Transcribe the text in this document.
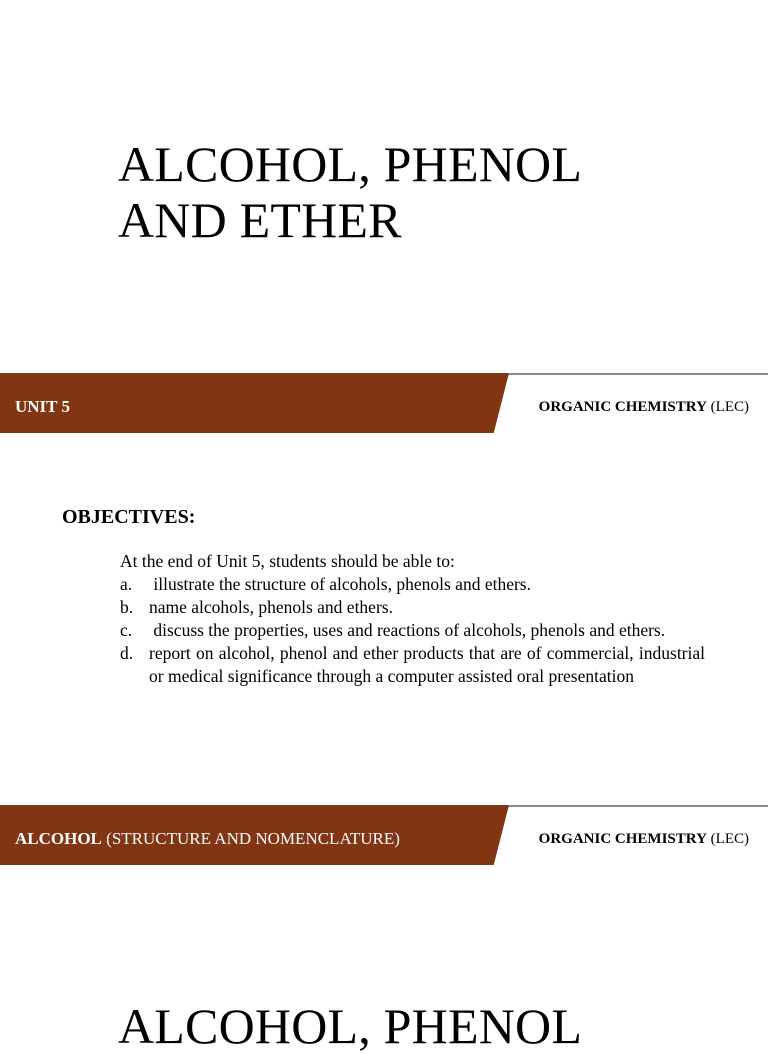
ALCOHOL, PHENOL
AND ETHER
UNIT 5	ORGANIC CHEMISTRY (LEC)
OBJECTIVES:

At the end of Unit 5, students should be able to:

a. illustrate the structure of alcohols, phenols and ethers.
b. name alcohols, phenols and ethers.
c. discuss the properties, uses and reactions of alcohols, phenols and ethers.
d. report on alcohol, phenol and ether products that are of commercial, industrial or medical significance through a computer assisted oral presentation
ALCOHOL (STRUCTURE AND NOMENCLATURE)	ORGANIC CHEMISTRY (LEC)
ALCOHOL, PHENOL
